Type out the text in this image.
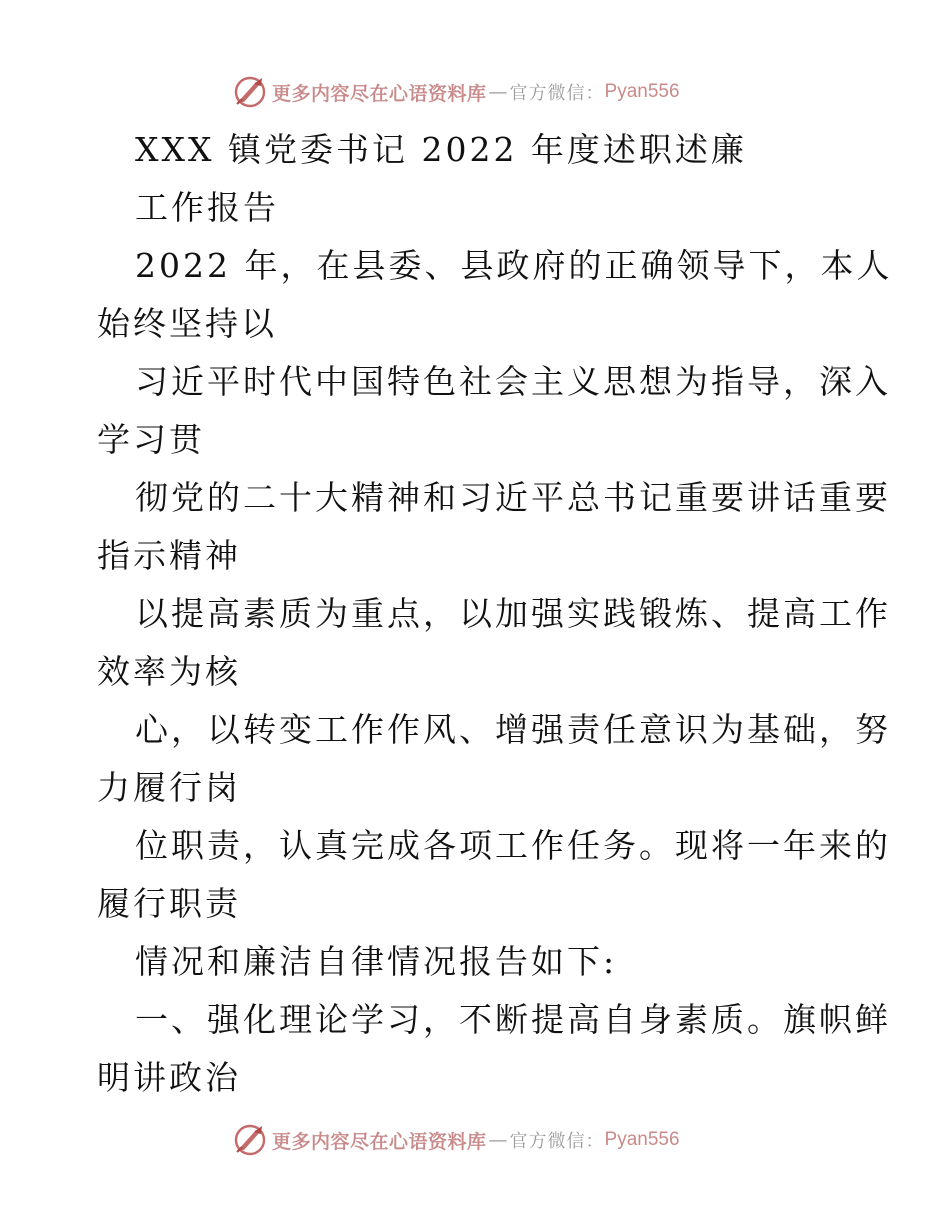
更多内容尽在心语资料库 — 官方微信： Pyan556
XXX 镇党委书记 2022 年度述职述廉
工作报告
2022 年，在县委、县政府的正确领导下，本人
始终坚持以
习近平时代中国特色社会主义思想为指导，深入
学习贯
彻党的二十大精神和习近平总书记重要讲话重要
指示精神
以提高素质为重点，以加强实践锻炼、提高工作
效率为核
心，以转变工作作风、增强责任意识为基础，努
力履行岗
位职责，认真完成各项工作任务。现将一年来的
履行职责
情况和廉洁自律情况报告如下:
一、强化理论学习，不断提高自身素质。旗帜鲜
明讲政治
更多内容尽在心语资料库 — 官方微信： Pyan556
